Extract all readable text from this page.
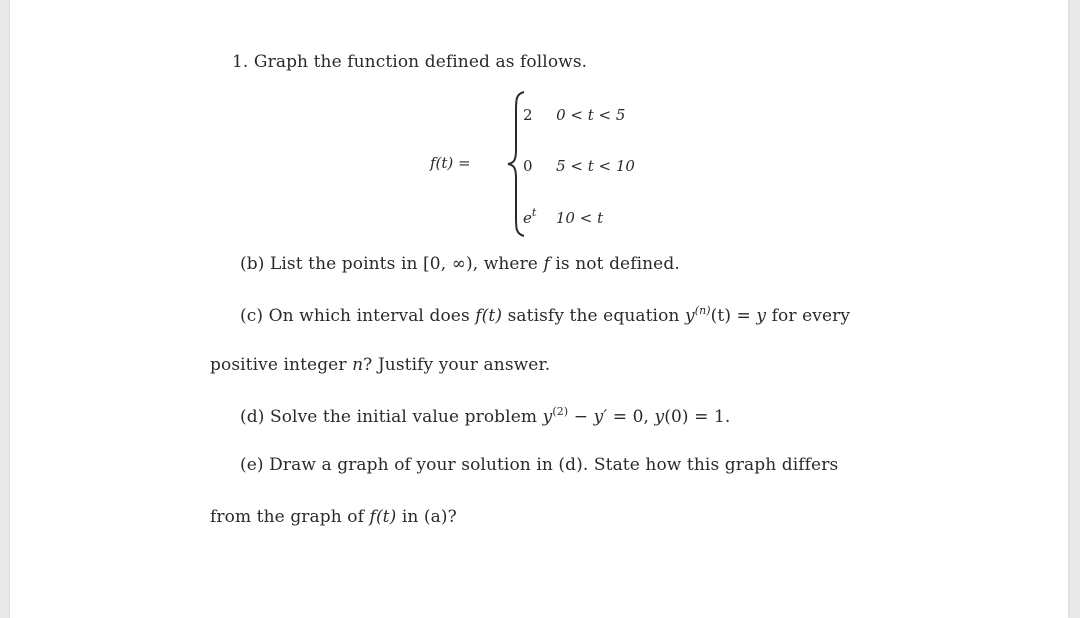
1. Graph the function defined as follows.
f(t) =
2 0 < t < 5
0 5 < t < 10
$e^t$ 10 < t
(b) List the points in [0, ∞), where f is not defined.
(c) On which interval does f(t) satisfy the equation $y^{(n)}(t) = y$ for every
positive integer n? Justify your answer.
(d) Solve the initial value problem $y^{(2)} - y' = 0$, y(0) = 1.
(e) Draw a graph of your solution in (d). State how this graph differs
from the graph of f(t) in (a)?
